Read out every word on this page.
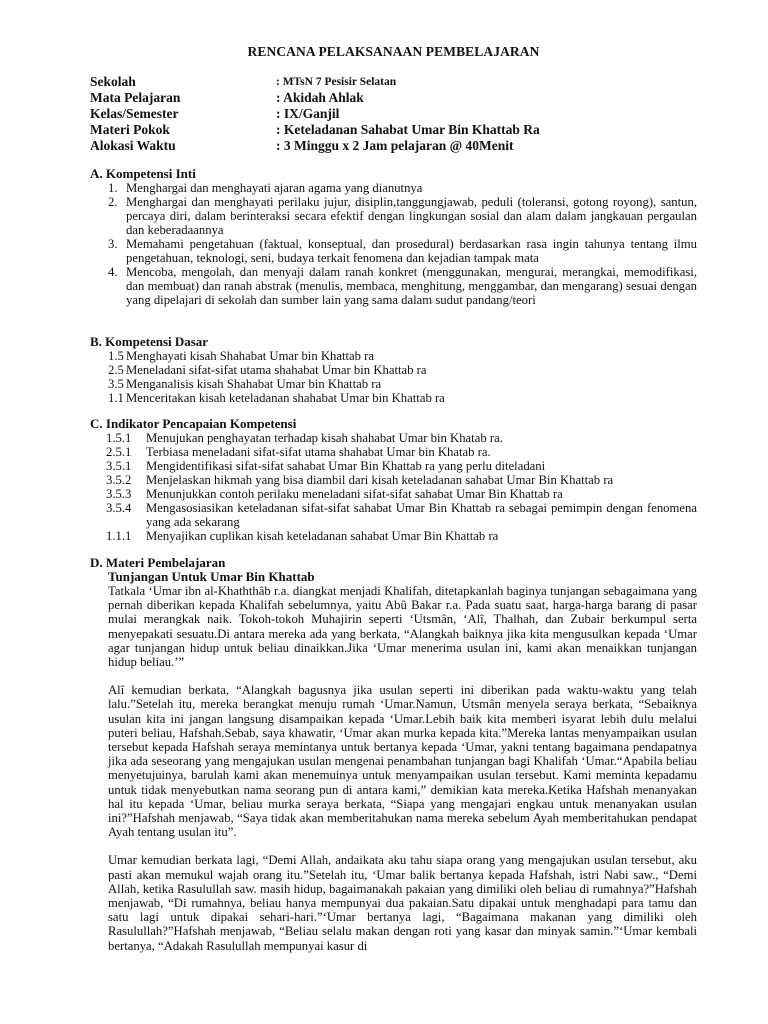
RENCANA PELAKSANAAN PEMBELAJARAN
Sekolah	: MTsN 7 Pesisir Selatan
Mata Pelajaran	: Akidah Ahlak
Kelas/Semester	: IX/Ganjil
Materi Pokok	: Keteladanan Sahabat Umar Bin Khattab Ra
Alokasi Waktu	: 3 Minggu x 2 Jam pelajaran @ 40Menit
A. Kompetensi Inti
1. Menghargai dan menghayati ajaran agama yang dianutnya
2. Menghargai dan menghayati perilaku jujur, disiplin,tanggungjawab, peduli (toleransi, gotong royong), santun, percaya diri, dalam berinteraksi secara efektif dengan lingkungan sosial dan alam dalam jangkauan pergaulan dan keberadaannya
3. Memahami pengetahuan (faktual, konseptual, dan prosedural) berdasarkan rasa ingin tahunya tentang ilmu pengetahuan, teknologi, seni, budaya terkait fenomena dan kejadian tampak mata
4. Mencoba, mengolah, dan menyaji dalam ranah konkret (menggunakan, mengurai, merangkai, memodifikasi, dan membuat) dan ranah abstrak (menulis, membaca, menghitung, menggambar, dan mengarang) sesuai dengan yang dipelajari di sekolah dan sumber lain yang sama dalam sudut pandang/teori
B. Kompetensi Dasar
1.5 Menghayati kisah Shahabat Umar bin Khattab ra
2.5 Meneladani sifat-sifat utama shahabat Umar bin Khattab ra
3.5 Menganalisis kisah Shahabat Umar bin Khattab ra
1.1 Menceritakan kisah keteladanan shahabat Umar bin Khattab ra
C. Indikator Pencapaian Kompetensi
1.5.1 Menujukan penghayatan terhadap kisah shahabat Umar bin Khatab ra.
2.5.1 Terbiasa meneladani sifat-sifat utama shahabat Umar bin Khatab ra.
3.5.1 Mengidentifikasi sifat-sifat sahabat Umar Bin Khattab ra yang perlu diteladani
3.5.2 Menjelaskan hikmah yang bisa diambil dari kisah keteladanan sahabat Umar Bin Khattab ra
3.5.3 Menunjukkan contoh perilaku meneladani sifat-sifat sahabat Umar Bin Khattab ra
3.5.4 Mengasosiasikan keteladanan sifat-sifat sahabat Umar Bin Khattab ra sebagai pemimpin dengan fenomena yang ada sekarang
1.1.1 Menyajikan cuplikan kisah keteladanan sahabat Umar Bin Khattab ra
D. Materi Pembelajaran
Tunjangan Untuk Umar Bin Khattab

Tatkala ‘Umar ibn al-Khaththâb r.a. diangkat menjadi Khalifah, ditetapkanlah baginya tunjangan sebagaimana yang pernah diberikan kepada Khalifah sebelumnya, yaitu Abû Bakar r.a. Pada suatu saat, harga-harga barang di pasar mulai merangkak naik. Tokoh-tokoh Muhajirin seperti ‘Utsmân, ‘Alî, Thalhah, dan Zubair berkumpul serta menyepakati sesuatu.Di antara mereka ada yang berkata, “Alangkah baiknya jika kita mengusulkan kepada ‘Umar agar tunjangan hidup untuk beliau dinaikkan.Jika ‘Umar menerima usulan ini, kami akan menaikkan tunjangan hidup beliau.’”

Alî kemudian berkata, “Alangkah bagusnya jika usulan seperti ini diberikan pada waktu-waktu yang telah lalu.”Setelah itu, mereka berangkat menuju rumah ‘Umar.Namun, Utsmân menyela seraya berkata, “Sebaiknya usulan kita ini jangan langsung disampaikan kepada ‘Umar.Lebih baik kita memberi isyarat lebih dulu melalui puteri beliau, Hafshah.Sebab, saya khawatir, ‘Umar akan murka kepada kita.”Mereka lantas menyampaikan usulan tersebut kepada Hafshah seraya memintanya untuk bertanya kepada ‘Umar, yakni tentang bagaimana pendapatnya jika ada seseorang yang mengajukan usulan mengenai penambahan tunjangan bagi Khalifah ‘Umar.“Apabila beliau menyetujuinya, barulah kami akan menemuinya untuk menyampaikan usulan tersebut. Kami meminta kepadamu untuk tidak menyebutkan nama seorang pun di antara kami,” demikian kata mereka.Ketika Hafshah menanyakan hal itu kepada ‘Umar, beliau murka seraya berkata, “Siapa yang mengajari engkau untuk menanyakan usulan ini?”Hafshah menjawab, “Saya tidak akan memberitahukan nama mereka sebelum Ayah memberitahukan pendapat Ayah tentang usulan itu”.

Umar kemudian berkata lagi, “Demi Allah, andaikata aku tahu siapa orang yang mengajukan usulan tersebut, aku pasti akan memukul wajah orang itu.”Setelah itu, ‘Umar balik bertanya kepada Hafshah, istri Nabi saw., “Demi Allah, ketika Rasulullah saw. masih hidup, bagaimanakah pakaian yang dimiliki oleh beliau di rumahnya?”Hafshah menjawab, “Di rumahnya, beliau hanya mempunyai dua pakaian.Satu dipakai untuk menghadapi para tamu dan satu lagi untuk dipakai sehari-hari.”‘Umar bertanya lagi, “Bagaimana makanan yang dimiliki oleh Rasulullah?”Hafshah menjawab, “Beliau selalu makan dengan roti yang kasar dan minyak samin.”‘Umar kembali bertanya, “Adakah Rasulullah mempunyai kasur di
